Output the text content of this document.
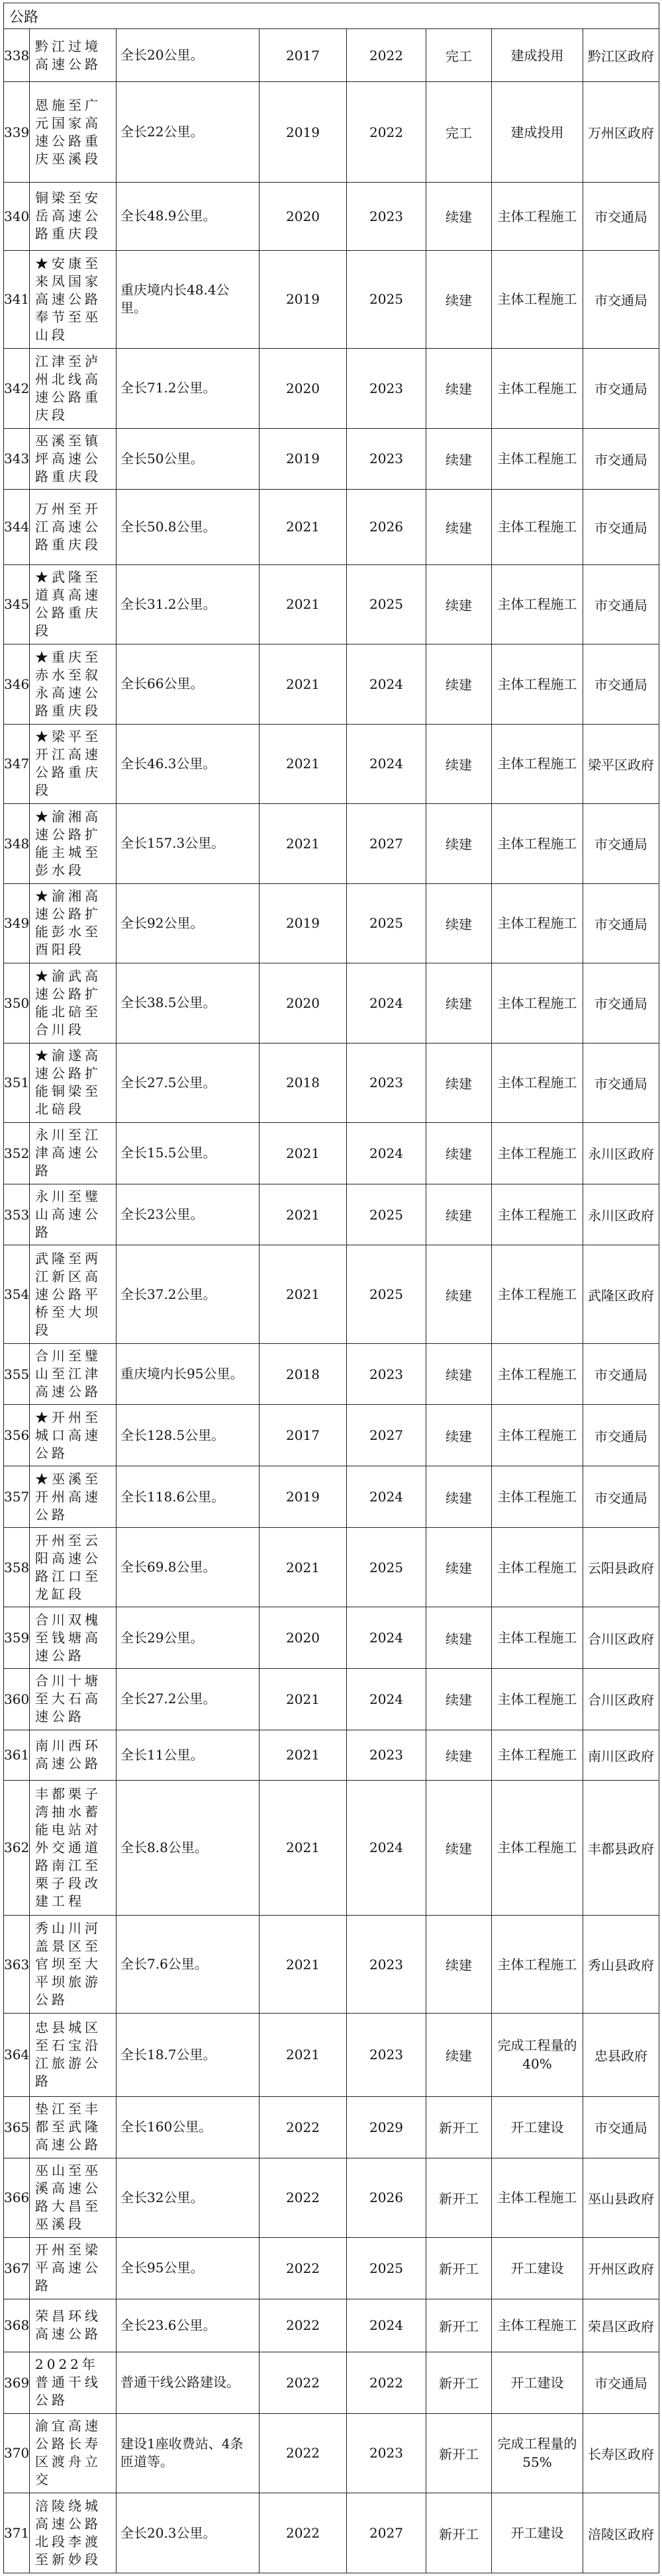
公路							
338	黔江过境高速公路	全长20公里。	2017	2022	完工	建成投用	黔江区政府
339	恩施至广元国家高速公路重庆巫溪段	全长22公里。	2019	2022	完工	建成投用	万州区政府
340	铜梁至安岳高速公路重庆段	全长48.9公里。	2020	2023	续建	主体工程施工	市交通局
341	★安康至来凤国家高速公路奉节至巫山段	重庆境内长48.4公里。	2019	2025	续建	主体工程施工	市交通局
342	江津至泸州北线高速公路重庆段	全长71.2公里。	2020	2023	续建	主体工程施工	市交通局
343	巫溪至镇坪高速公路重庆段	全长50公里。	2019	2023	续建	主体工程施工	市交通局
344	万州至开江高速公路重庆段	全长50.8公里。	2021	2026	续建	主体工程施工	市交通局
345	★武隆至道真高速公路重庆段	全长31.2公里。	2021	2025	续建	主体工程施工	市交通局
346	★重庆至赤水至叙永高速公路重庆段	全长66公里。	2021	2024	续建	主体工程施工	市交通局
347	★梁平至开江高速公路重庆段	全长46.3公里。	2021	2024	续建	主体工程施工	梁平区政府
348	★渝湘高速公路扩能主城至彭水段	全长157.3公里。	2021	2027	续建	主体工程施工	市交通局
349	★渝湘高速公路扩能彭水至酉阳段	全长92公里。	2019	2025	续建	主体工程施工	市交通局
350	★渝武高速公路扩能北碚至合川段	全长38.5公里。	2020	2024	续建	主体工程施工	市交通局
351	★渝遂高速公路扩能铜梁至北碚段	全长27.5公里。	2018	2023	续建	主体工程施工	市交通局
352	永川至江津高速公路	全长15.5公里。	2021	2024	续建	主体工程施工	永川区政府
353	永川至璧山高速公路	全长23公里。	2021	2025	续建	主体工程施工	永川区政府
354	武隆至两江新区高速公路平桥至大坝段	全长37.2公里。	2021	2025	续建	主体工程施工	武隆区政府
355	合川至璧山至江津高速公路	重庆境内长95公里。	2018	2023	续建	主体工程施工	市交通局
356	★开州至城口高速公路	全长128.5公里。	2017	2027	续建	主体工程施工	市交通局
357	★巫溪至开州高速公路	全长118.6公里。	2019	2024	续建	主体工程施工	市交通局
358	开州至云阳高速公路江口至龙缸段	全长69.8公里。	2021	2025	续建	主体工程施工	云阳县政府
359	合川双槐至钱塘高速公路	全长29公里。	2020	2024	续建	主体工程施工	合川区政府
360	合川十塘至大石高速公路	全长27.2公里。	2021	2024	续建	主体工程施工	合川区政府
361	南川西环高速公路	全长11公里。	2021	2023	续建	主体工程施工	南川区政府
362	丰都栗子湾抽水蓄能电站对外交通道路南江至栗子段改建工程	全长8.8公里。	2021	2024	续建	主体工程施工	丰都县政府
363	秀山川河盖景区至官坝至大平坝旅游公路	全长7.6公里。	2021	2023	续建	主体工程施工	秀山县政府
364	忠县城区至石宝沿江旅游公路	全长18.7公里。	2021	2023	续建	完成工程量的40%	忠县政府
365	垫江至丰都至武隆高速公路	全长160公里。	2022	2029	新开工	开工建设	市交通局
366	巫山至巫溪高速公路大昌至巫溪段	全长32公里。	2022	2026	新开工	主体工程施工	巫山县政府
367	开州至梁平高速公路	全长95公里。	2022	2025	新开工	开工建设	开州区政府
368	荣昌环线高速公路	全长23.6公里。	2022	2024	新开工	主体工程施工	荣昌区政府
369	2022年普通干线公路	普通干线公路建设。	2022	2022	新开工	开工建设	市交通局
370	渝宜高速公路长寿区渡舟立交	建设1座收费站、4条匝道等。	2022	2023	新开工	完成工程量的55%	长寿区政府
371	涪陵绕城高速公路北段李渡至新妙段	全长20.3公里。	2022	2027	新开工	开工建设	涪陵区政府
